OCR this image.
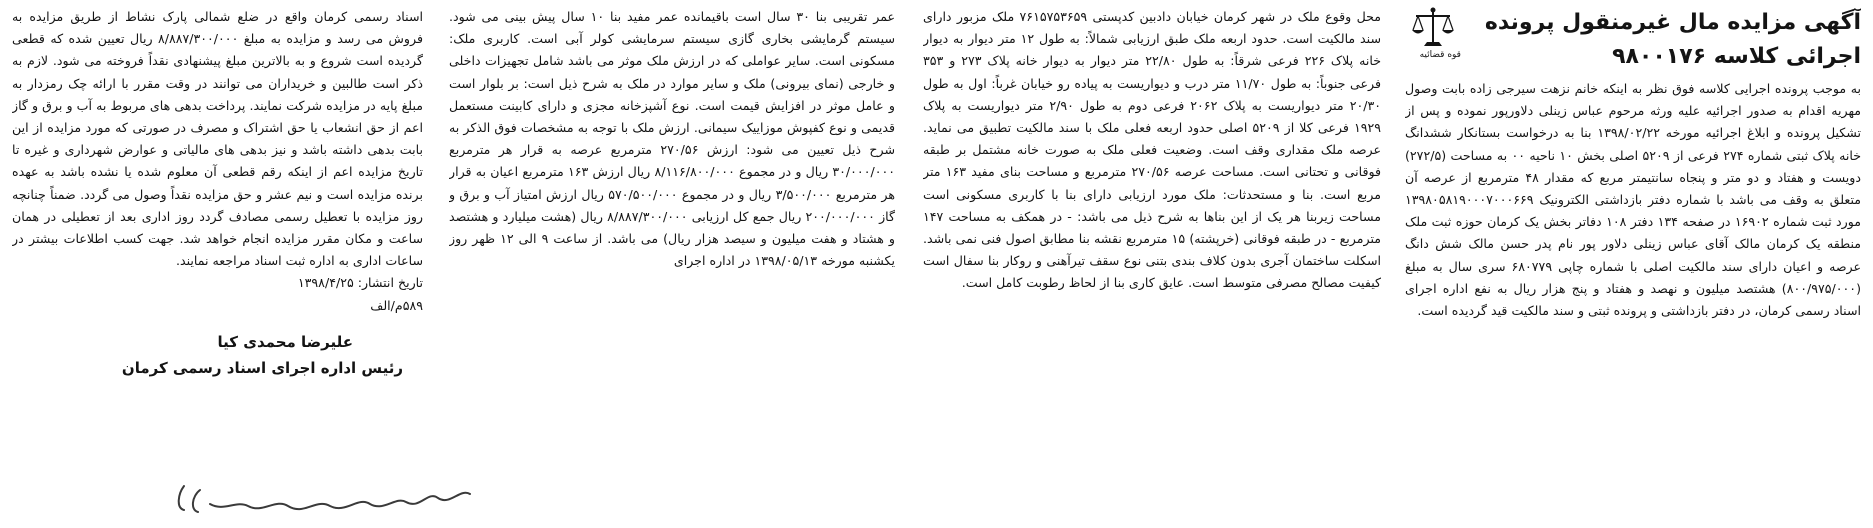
آگهی مزایده مال غیرمنقول پرونده
اجرائی کلاسه ۹۸۰۰۱۷۶
قوه قضائیه

به موجب پرونده اجرایی کلاسه فوق نظر به اینکه خانم نزهت سیرجی زاده بابت وصول مهریه اقدام به صدور اجرائیه علیه ورثه مرحوم عباس زینلی دلاورپور نموده و پس از تشکیل پرونده و ابلاغ اجرائیه مورخه ۱۳۹۸/۰۲/۲۲ بنا به درخواست بستانکار ششدانگ خانه پلاک ثبتی شماره ۲۷۴ فرعی از ۵۲۰۹ اصلی بخش ۱۰ ناحیه ۰۰ به مساحت (۲۷۲/۵) دویست و هفتاد و دو متر و پنجاه سانتیمتر مربع که مقدار ۴۸ مترمربع از عرصه آن متعلق به وقف می باشد با شماره دفتر بازداشتی الکترونیک ۱۳۹۸۰۵۸۱۹۰۰۰۷۰۰۰۶۶۹ مورد ثبت شماره ۱۶۹۰۲ در صفحه ۱۳۴ دفتر ۱۰۸ دفاتر بخش یک کرمان حوزه ثبت ملک منطقه یک کرمان مالک آقای عباس زینلی دلاور پور نام پدر حسن مالک شش دانگ عرصه و اعیان دارای سند مالکیت اصلی با شماره چاپی ۶۸۰۷۷۹ سری سال به مبلغ (۸۰۰/۹۷۵/۰۰۰) هشتصد میلیون و نهصد و هفتاد و پنج هزار ریال به نفع اداره اجرای اسناد رسمی کرمان، در دفتر بازداشتی و پرونده ثبتی و سند مالکیت قید گردیده است.

محل وقوع ملک در شهر کرمان خیابان دادبین کدپستی ۷۶۱۵۷۵۳۶۵۹ ملک مزبور دارای سند مالکیت است. حدود اربعه ملک طبق ارزیابی شمالاً: به طول ۱۲ متر دیوار به دیوار خانه پلاک ۲۲۶ فرعی شرقاً: به طول ۲۲/۸۰ متر دیوار به دیوار خانه پلاک ۲۷۳ و ۳۵۳ فرعی جنوباً: به طول ۱۱/۷۰ متر درب و دیواریست به پیاده رو خیابان غرباً: اول به طول ۲۰/۳۰ متر دیواریست به پلاک ۲۰۶۲ فرعی دوم به طول ۲/۹۰ متر دیواریست به پلاک ۱۹۲۹ فرعی کلا از ۵۲۰۹ اصلی حدود اربعه فعلی ملک با سند مالکیت تطبیق می نماید. عرصه ملک مقداری وقف است. وضعیت فعلی ملک به صورت خانه مشتمل بر طبقه فوقانی و تحتانی است. مساحت عرصه ۲۷۰/۵۶ مترمربع و مساحت بنای مفید ۱۶۳ متر مربع است. بنا و مستحدثات: ملک مورد ارزیابی دارای بنا با کاربری مسکونی است مساحت زیربنا هر یک از این بناها به شرح ذیل می باشد: - در همکف به مساحت ۱۴۷ مترمربع - در طبقه فوقانی (خرپشته) ۱۵ مترمربع نقشه بنا مطابق اصول فنی نمی باشد. اسکلت ساختمان آجری بدون کلاف بندی بتنی نوع سقف تیرآهنی و روکار بنا سفال است کیفیت مصالح مصرفی متوسط است. عایق کاری بنا از لحاظ رطوبت کامل است.

عمر تقریبی بنا ۳۰ سال است باقیمانده عمر مفید بنا ۱۰ سال پیش بینی می شود. سیستم گرمایشی بخاری گازی سیستم سرمایشی کولر آبی است. کاربری ملک: مسکونی است. سایر عواملی که در ارزش ملک موثر می باشد شامل تجهیزات داخلی و خارجی (نمای بیرونی) ملک و سایر موارد در ملک به شرح ذیل است: بر بلوار است و عامل موثر در افزایش قیمت است. نوع آشپزخانه مجزی و دارای کابینت مستعمل قدیمی و نوع کفپوش موزاییک سیمانی. ارزش ملک با توجه به مشخصات فوق الذکر به شرح ذیل تعیین می شود: ارزش ۲۷۰/۵۶ مترمربع عرصه به قرار هر مترمربع ۳۰/۰۰۰/۰۰۰ ریال و در مجموع ۸/۱۱۶/۸۰۰/۰۰۰ ریال ارزش ۱۶۳ مترمربع اعیان به قرار هر مترمربع ۳/۵۰۰/۰۰۰ ریال و در مجموع ۵۷۰/۵۰۰/۰۰۰ ریال ارزش امتیاز آب و برق و گاز ۲۰۰/۰۰۰/۰۰۰ ریال جمع کل ارزیابی ۸/۸۸۷/۳۰۰/۰۰۰ ریال (هشت میلیارد و هشتصد و هشتاد و هفت میلیون و سیصد هزار ریال) می باشد. از ساعت ۹ الی ۱۲ ظهر روز یکشنبه مورخه ۱۳۹۸/۰۵/۱۳ در اداره اجرای

اسناد رسمی کرمان واقع در ضلع شمالی پارک نشاط از طریق مزایده به فروش می رسد و مزایده به مبلغ ۸/۸۸۷/۳۰۰/۰۰۰ ریال تعیین شده که قطعی گردیده است شروع و به بالاترین مبلغ پیشنهادی نقداً فروخته می شود. لازم به ذکر است طالبین و خریداران می توانند در وقت مقرر با ارائه چک رمزدار به مبلغ پایه در مزایده شرکت نمایند. پرداخت بدهی های مربوط به آب و برق و گاز اعم از حق انشعاب یا حق اشتراک و مصرف در صورتی که مورد مزایده از این بابت بدهی داشته باشد و نیز بدهی های مالیاتی و عوارض شهرداری و غیره تا تاریخ مزایده اعم از اینکه رقم قطعی آن معلوم شده یا نشده باشد به عهده برنده مزایده است و نیم عشر و حق مزایده نقداً وصول می گردد. ضمناً چنانچه روز مزایده با تعطیل رسمی مصادف گردد روز اداری بعد از تعطیلی در همان ساعت و مکان مقرر مزایده انجام خواهد شد. جهت کسب اطلاعات بیشتر در ساعات اداری به اداره ثبت اسناد مراجعه نمایند.

تاریخ انتشار: ۱۳۹۸/۴/۲۵

۵۸۹م/الف

علیرضا محمدی کیا
رئیس اداره اجرای اسناد رسمی کرمان
